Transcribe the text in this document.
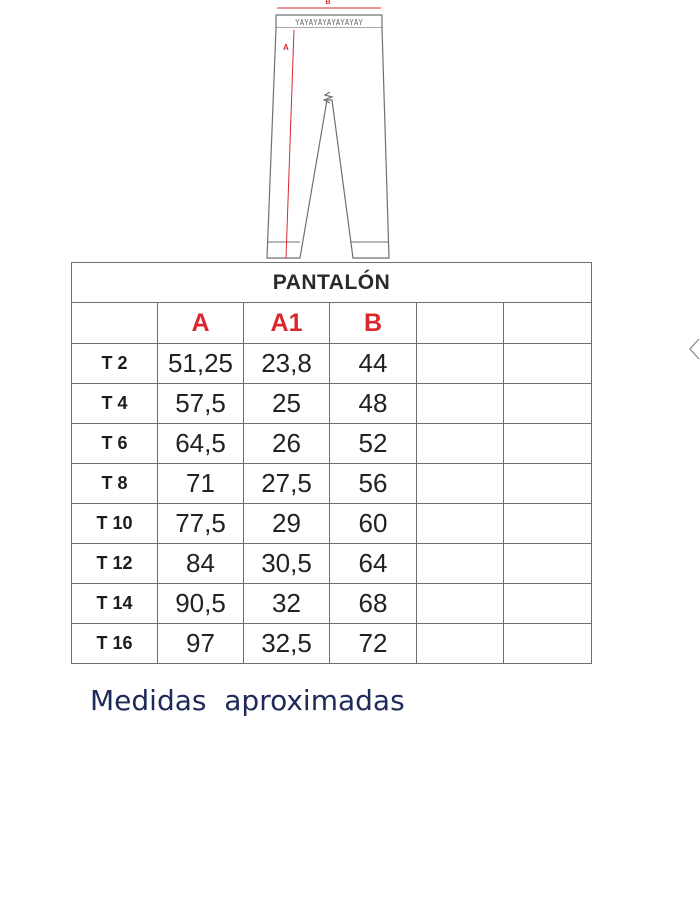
YAYAYAYAYAYAYAY
B
A
PANTALÓN					
	A	A1	B		
T 2	51,25	23,8	44		
T 4	57,5	25	48		
T 6	64,5	26	52		
T 8	71	27,5	56		
T 10	77,5	29	60		
T 12	84	30,5	64		
T 14	90,5	32	68		
T 16	97	32,5	72		
Medidas  aproximadas
